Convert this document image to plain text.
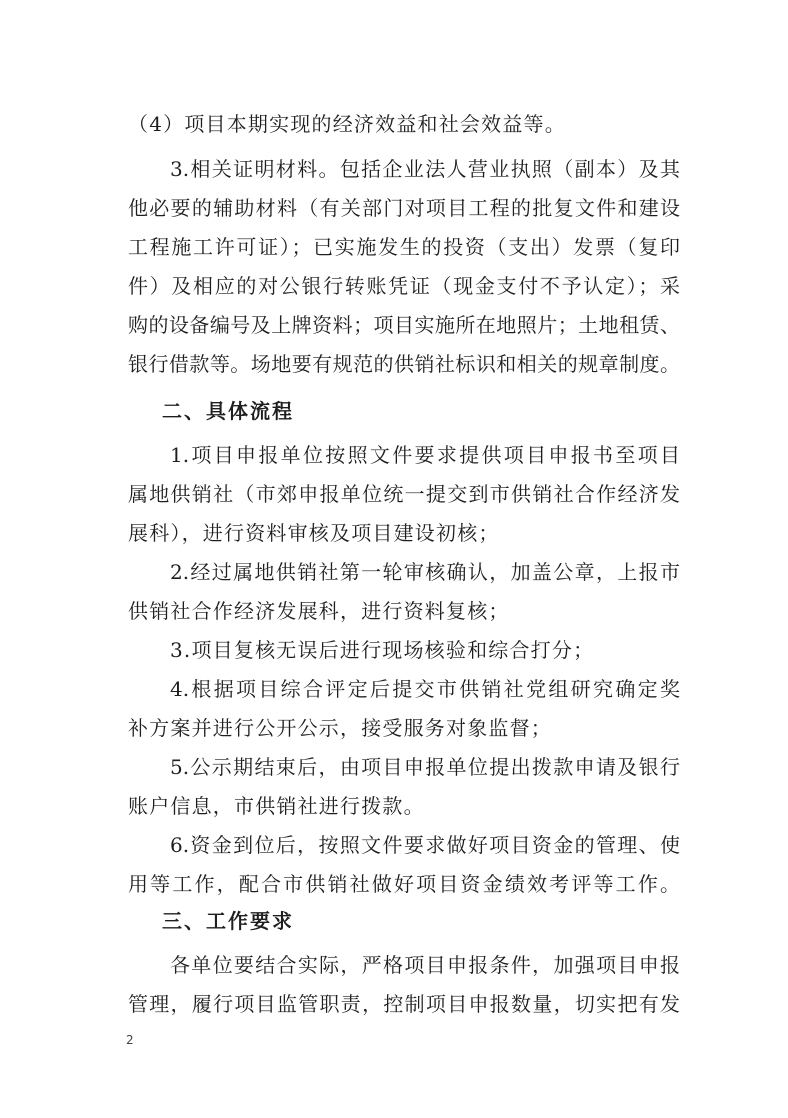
（4）项目本期实现的经济效益和社会效益等。
3.相关证明材料。包括企业法人营业执照（副本）及其
他必要的辅助材料（有关部门对项目工程的批复文件和建设
工程施工许可证）；已实施发生的投资（支出）发票（复印
件）及相应的对公银行转账凭证（现金支付不予认定）；采
购的设备编号及上牌资料；项目实施所在地照片；土地租赁、
银行借款等。场地要有规范的供销社标识和相关的规章制度。
二、具体流程
1.项目申报单位按照文件要求提供项目申报书至项目
属地供销社（市郊申报单位统一提交到市供销社合作经济发
展科），进行资料审核及项目建设初核；
2.经过属地供销社第一轮审核确认，加盖公章，上报市
供销社合作经济发展科，进行资料复核；
3.项目复核无误后进行现场核验和综合打分；
4.根据项目综合评定后提交市供销社党组研究确定奖
补方案并进行公开公示，接受服务对象监督；
5.公示期结束后，由项目申报单位提出拨款申请及银行
账户信息，市供销社进行拨款。
6.资金到位后，按照文件要求做好项目资金的管理、使
用等工作，配合市供销社做好项目资金绩效考评等工作。
三、工作要求
各单位要结合实际，严格项目申报条件，加强项目申报
管理，履行项目监管职责，控制项目申报数量，切实把有发
2
